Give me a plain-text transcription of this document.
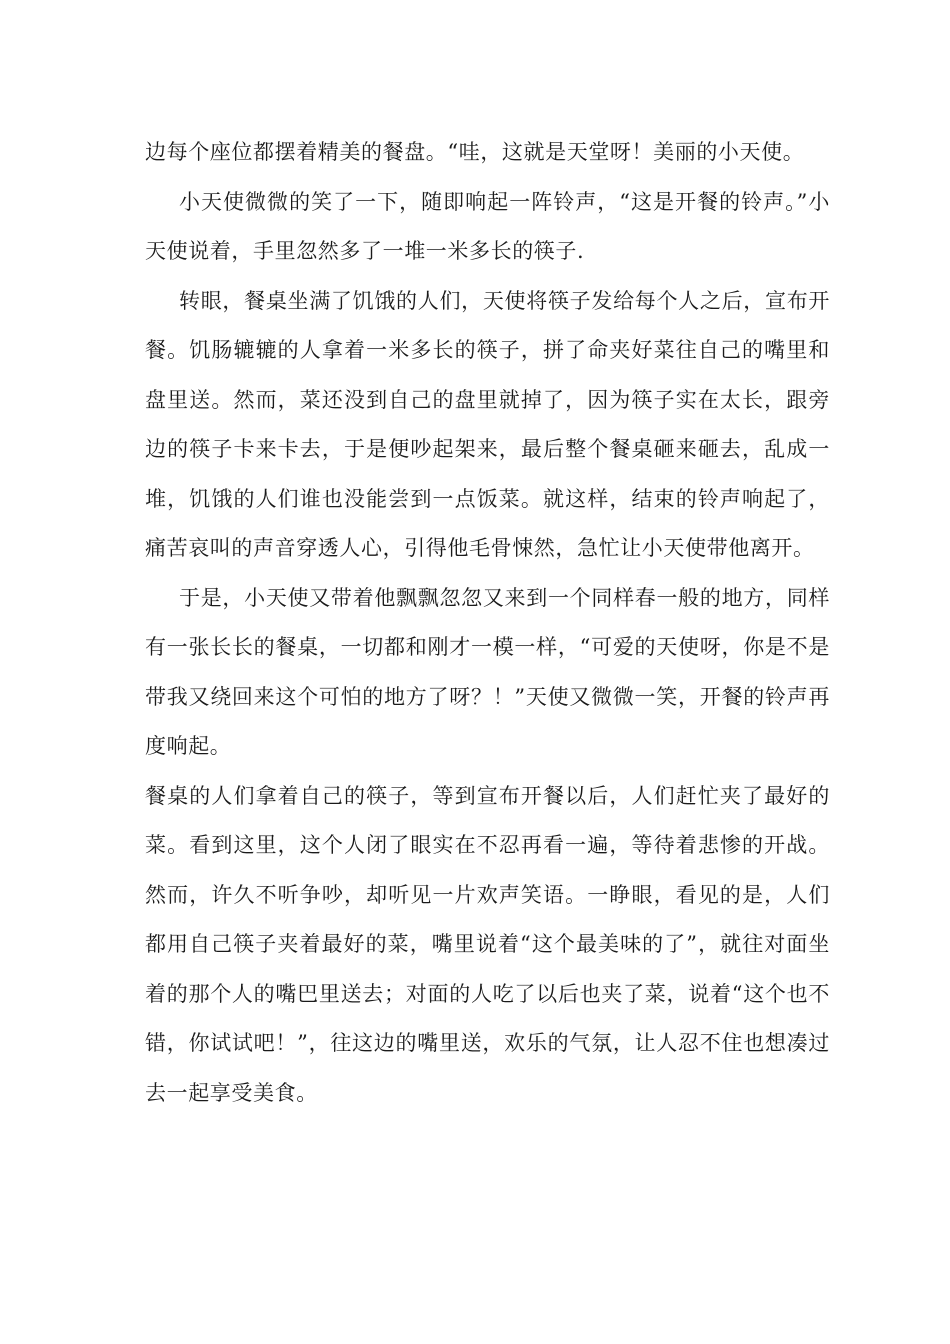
边每个座位都摆着精美的餐盘。“哇，这就是天堂呀！美丽的小天使。

小天使微微的笑了一下，随即响起一阵铃声，“这是开餐的铃声。”小天使说着，手里忽然多了一堆一米多长的筷子.

转眼，餐桌坐满了饥饿的人们，天使将筷子发给每个人之后，宣布开餐。饥肠辘辘的人拿着一米多长的筷子，拼了命夹好菜往自己的嘴里和盘里送。然而，菜还没到自己的盘里就掉了，因为筷子实在太长，跟旁边的筷子卡来卡去，于是便吵起架来，最后整个餐桌砸来砸去，乱成一堆，饥饿的人们谁也没能尝到一点饭菜。就这样，结束的铃声响起了，痛苦哀叫的声音穿透人心，引得他毛骨悚然，急忙让小天使带他离开。

于是，小天使又带着他飘飘忽忽又来到一个同样春一般的地方，同样有一张长长的餐桌，一切都和刚才一模一样，“可爱的天使呀，你是不是带我又绕回来这个可怕的地方了呀？！”天使又微微一笑，开餐的铃声再度响起。

餐桌的人们拿着自己的筷子，等到宣布开餐以后，人们赶忙夹了最好的菜。看到这里，这个人闭了眼实在不忍再看一遍，等待着悲惨的开战。然而，许久不听争吵，却听见一片欢声笑语。一睁眼，看见的是，人们都用自己筷子夹着最好的菜，嘴里说着“这个最美味的了”，就往对面坐着的那个人的嘴巴里送去；对面的人吃了以后也夹了菜，说着“这个也不错，你试试吧！”，往这边的嘴里送，欢乐的气氛，让人忍不住也想凑过去一起享受美食。
